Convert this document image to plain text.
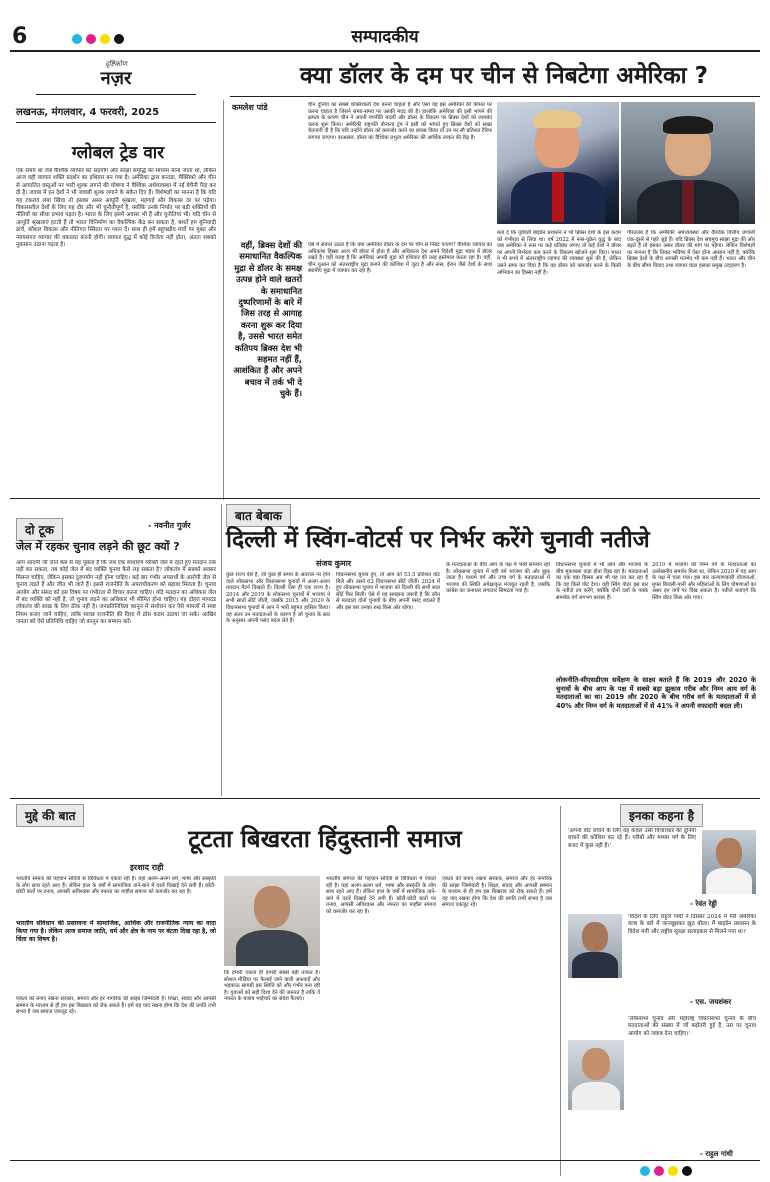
6	सम्पादकीय
दृष्टिकोण
नज़र
लखनऊ, मंगलवार, 4 फरवरी, 2025
क्या डॉलर के दम पर चीन से निबटेगा अमेरिका ?
ग्लोबल ट्रेड वार
एक समय था जब वैश्विक व्यापार को सहयोग और साझा समृद्धि का माध्यम माना जाता था, लेकिन आज वही व्यापार शक्ति प्रदर्शन का हथियार बन गया है। अमेरिका द्वारा कनाडा, मैक्सिको और चीन से आयातित वस्तुओं पर भारी शुल्क लगाने की घोषणा ने वैश्विक अर्थव्यवस्था में नई बेचैनी पैदा कर दी है। जवाब में इन देशों ने भी जवाबी शुल्क लगाने के संकेत दिए हैं। विशेषज्ञों का मानना है कि यदि यह टकराव लंबा खिंचा तो इसका असर आपूर्ति श्रृंखला, महंगाई और विकास दर पर पड़ेगा। विकासशील देशों के लिए यह दौर और भी चुनौतीपूर्ण है, क्योंकि उनके निर्यात पर बड़ी शक्तियों की नीतियों का सीधा प्रभाव पड़ता है। भारत के लिए इसमें अवसर भी हैं और चुनौतियां भी। यदि चीन से आपूर्ति श्रृंखलाएं हटती हैं तो भारत विनिर्माण का वैकल्पिक केंद्र बन सकता है, बशर्ते हम बुनियादी ढांचे, कौशल विकास और नीतिगत स्थिरता पर ध्यान दें। साथ ही हमें बहुपक्षीय मंचों पर मुक्त और न्यायसंगत व्यापार की वकालत करनी होगी। व्यापार युद्ध में कोई विजेता नहीं होता, अंततः सबको नुकसान उठाना पड़ता है।
कमलेश पांडे
वहीं, ब्रिक्स देशों की समाधानित वैकल्पिक मुद्रा से डॉलर के समक्ष उत्पन्न होने वाले खतरों के समाधानित दुष्परिणामों के बारे में जिस तरह से आगाह करना शुरू कर दिया है, उससे भारत समेत कतिपय ब्रिक्स देश भी सहमत नहीं हैं, आशंकित हैं और अपने बचाव में तर्क भी दे चुके हैं।
चीन दुनिया का सबसे शक्तिशाली देश बनना चाहता है और ऐसा वह इस अमेरिका की कीमत पर करना चाहता है जिसने समय-समय पर उसकी मदद की है। हालांकि अमेरिका की इसी भांपने की क्षमता के कारण चीन ने अपनी रणनीति बदली और डॉलर के विकल्प पर ब्रिक्स देशों को लामबंद करना शुरू किया। अमेरिकी राष्ट्रपति डोनाल्ड ट्रंप ने इसी को भांपते हुए ब्रिक्स देशों को सख्त चेतावनी दी है कि यदि उन्होंने डॉलर को कमजोर करने का प्रयास किया तो उन पर सौ प्रतिशत टैरिफ लगाया जाएगा। दरअसल, डॉलर का वैश्विक प्रभुत्व अमेरिका की आर्थिक ताकत की रीढ़ है।
ऐसे में सवाल उठता है कि क्या अमेरिका डॉलर के दम पर चीन से निबट पाएगा? वैश्विक व्यापार का अधिकांश हिस्सा आज भी डॉलर में होता है और अधिकतर देश अपने विदेशी मुद्रा भंडार में डॉलर रखते हैं। यही वजह है कि अमेरिका अपनी मुद्रा को हथियार की तरह इस्तेमाल करता रहा है। वहीं, चीन युआन को अंतरराष्ट्रीय मुद्रा बनाने की कोशिश में जुटा है और रूस, ईरान जैसे देशों के साथ स्थानीय मुद्रा में व्यापार कर रहा है।
बता दें कि पूर्ववर्ती बाइडेन प्रशासन ने भी ब्रिक्स देशों के इस कदम को गंभीरता से लिया था। वर्ष 2022 में रूस-यूक्रेन युद्ध के बाद जब अमेरिका ने रूस पर कड़े प्रतिबंध लगाए तो कई देशों ने डॉलर पर अपनी निर्भरता कम करने के विकल्प खोजने शुरू किए। भारत ने भी रुपये में अंतरराष्ट्रीय व्यापार की व्यवस्था शुरू की है, लेकिन उसने साफ कर दिया है कि वह डॉलर को कमजोर करने के किसी अभियान का हिस्सा नहीं है।
गौरतलब है कि अमेरिकी अर्थव्यवस्था और वैश्विक वित्तीय प्रणाली एक-दूसरे से गहरे जुड़े हैं। यदि ब्रिक्स देश सचमुच साझा मुद्रा की ओर बढ़ते हैं तो इसका असर डॉलर की मांग पर पड़ेगा। लेकिन विशेषज्ञों का मानना है कि निकट भविष्य में ऐसा होना आसान नहीं है, क्योंकि ब्रिक्स देशों के बीच आपसी मतभेद भी कम नहीं हैं। भारत और चीन के बीच सीमा विवाद तथा व्यापार घाटा इसका प्रमुख उदाहरण है।
बात बेबाक
दिल्ली में स्विंग-वोटर्स पर निर्भर करेंगे चुनावी नतीजे
संजय कुमार
कुछ राज्य ऐसे हैं, जो कुछ ही समय के अंतराल पर होने वाले लोकसभा और विधानसभा चुनावों में अलग-अलग मतदान पैटर्न दिखाते हैं। दिल्ली ऐसा ही एक राज्य है। 2014 और 2019 के लोकसभा चुनावों में भाजपा ने सभी सातों सीटें जीतीं, जबकि 2015 और 2020 के विधानसभा चुनावों में आप ने भारी बहुमत हासिल किया। यह अंतर उन मतदाताओं के कारण है जो चुनाव के स्तर के अनुसार अपनी पसंद बदल लेते हैं।
विधानसभा चुनाव हुए, तो आप को 53.5 प्रतिशत वोट मिले और उसने 62 विधानसभा सीटें जीतीं। 2024 में हुए लोकसभा चुनाव में भाजपा को दिल्ली की सभी सात सीटें फिर मिलीं। ऐसे में यह समझना जरूरी है कि कौन से मतदाता दोनों चुनावों के बीच अपनी पसंद बदलते हैं और इस बार उनका रुख किस ओर रहेगा।
के मतदाताओं के बीच आप के पक्ष में भारी समर्थन रहा है। लोकसभा चुनाव में यही वर्ग भाजपा की ओर झुक जाता है। मध्यम वर्ग और उच्च वर्ग के मतदाताओं में भाजपा की स्थिति अपेक्षाकृत मजबूत रहती है, जबकि कांग्रेस का जनाधार लगातार सिमटता गया है।
विधानसभा चुनावों में भी आप और भाजपा के बीच मुकाबला कड़ा होता दिख रहा है। मतदाताओं का एक बड़ा हिस्सा अब भी यह तय कर रहा है कि वह किसे वोट देगा। यही स्विंग वोटर इस बार के नतीजे तय करेंगे, क्योंकि दोनों दलों के पक्के समर्थक वर्ग लगभग बराबर हैं।
2019 में भाजपा को निम्न वर्ग के मतदाताओं का उल्लेखनीय समर्थन मिला था, लेकिन 2020 में यह आप के पक्ष में चला गया। इस बार कल्याणकारी योजनाओं, मुफ्त बिजली-पानी और महिलाओं के लिए घोषणाओं का असर इन वर्गों पर दिख सकता है। नतीजे बताएंगे कि स्विंग वोटर किस ओर गया।
लोकनीति-सीएसडीएस सर्वेक्षण के साक्ष्य बताते हैं कि 2019 और 2020 के चुनावों के बीच आप के पक्ष में सबसे बड़ा झुकाव गरीब और निम्न आय वर्ग के मतदाताओं का था। 2019 और 2020 के बीच गरीब वर्ग के मतदाताओं में से 40% और निम्न वर्ग के मतदाताओं में से 41% ने अपनी वफादारी बदल ली।
दो टूक	- नवनीत गुर्जर
जेल में रहकर चुनाव लड़ने की छूट क्यों ?
आप आदमी जो जाने कब से यह पूछता है कि जब एक साधारण व्यक्ति जेल में रहते हुए मतदान तक नहीं कर सकता, तब कोई जेल में बंद व्यक्ति चुनाव कैसे लड़ सकता है? लोकतंत्र में सबको अवसर मिलना चाहिए, लेकिन इसका दुरुपयोग नहीं होना चाहिए। कई बार गंभीर अपराधों के आरोपी जेल से चुनाव लड़ते हैं और जीत भी जाते हैं। इससे राजनीति के अपराधीकरण को बढ़ावा मिलता है। चुनाव आयोग और संसद को इस विषय पर गंभीरता से विचार करना चाहिए। यदि मतदान का अधिकार जेल में बंद व्यक्ति को नहीं है, तो चुनाव लड़ने का अधिकार भी सीमित होना चाहिए। यह दोहरा मापदंड लोकतंत्र की साख के लिए ठीक नहीं है। जनप्रतिनिधित्व कानून में संशोधन कर ऐसे मामलों में स्पष्ट नियम बनाए जाने चाहिए, ताकि स्वच्छ राजनीति की दिशा में ठोस कदम उठाया जा सके। आखिर जनता को ऐसे प्रतिनिधि चाहिए जो कानून का सम्मान करें।
मुद्दे की बात
टूटता बिखरता हिंदुस्तानी समाज
इरशाद राही
भारतीय समाज की पहचान सदियों से विविधता में एकता रही है। यहां अलग-अलग धर्म, भाषा और संस्कृति के लोग साथ रहते आए हैं। लेकिन हाल के वर्षों में सामाजिक ताने-बाने में दरारें दिखाई देने लगी हैं। छोटी-छोटी बातों पर तनाव, आपसी अविश्वास और नफरत का माहौल समाज को कमजोर कर रहा है।
भारतीय संविधान की प्रस्तावना में सामाजिक, आर्थिक और राजनीतिक न्याय का वादा किया गया है। लेकिन आज समाज जाति, धर्म और क्षेत्र के नाम पर बंटता दिख रहा है, जो चिंता का विषय है।
एकता को बनाए रखना सरकार, समाज और हर नागरिक की साझा जिम्मेदारी है। शिक्षा, संवाद और आपसी सम्मान के माध्यम से ही हम इस बिखराव को रोक सकते हैं। हमें यह याद रखना होगा कि देश की प्रगति तभी संभव है जब समाज एकजुट रहे।
कि हमारी एकता ही हमारी सबसे बड़ी ताकत है। सोशल मीडिया पर फैलाई जाने वाली अफवाहें और भड़काऊ सामग्री इस स्थिति को और गंभीर बना रही है। युवाओं को सही दिशा देने की जरूरत है ताकि वे नफरत के बजाय भाईचारे का संदेश फैलाएं।
भारतीय समाज की पहचान सदियों से विविधता में एकता रही है। यहां अलग-अलग धर्म, भाषा और संस्कृति के लोग साथ रहते आए हैं। लेकिन हाल के वर्षों में सामाजिक ताने-बाने में दरारें दिखाई देने लगी हैं। छोटी-छोटी बातों पर तनाव, आपसी अविश्वास और नफरत का माहौल समाज को कमजोर कर रहा है।
एकता को बनाए रखना सरकार, समाज और हर नागरिक की साझा जिम्मेदारी है। शिक्षा, संवाद और आपसी सम्मान के माध्यम से ही हम इस बिखराव को रोक सकते हैं। हमें यह याद रखना होगा कि देश की प्रगति तभी संभव है जब समाज एकजुट रहे।
इनका कहना है
'अपनी वोट बचाने के लिए वह केवल उसी विचारधारे की दुनियां बचाने की कोशिश कर रहे हैं। गरीबों और मध्यम वर्ग के लिए बजट में कुछ नहीं है।'
- रेवंत रेड्डी
'विदेश के लिए राहुल गांधी ने दिसंबर 2024 में मेरी अमेरिका यात्रा के बारे में जानबूझकर झूठ बोला। मैं बाइडेन प्रशासन के विदेश मंत्री और राष्ट्रीय सुरक्षा सलाहकार से मिलने गया था।'
- एस. जयशंकर
'लोकसभा चुनाव और महाराष्ट्र विधानसभा चुनाव के बीच मतदाताओं की संख्या में जो बढ़ोतरी हुई है, उस पर चुनाव आयोग को जवाब देना चाहिए।'
- राहुल गांधी
